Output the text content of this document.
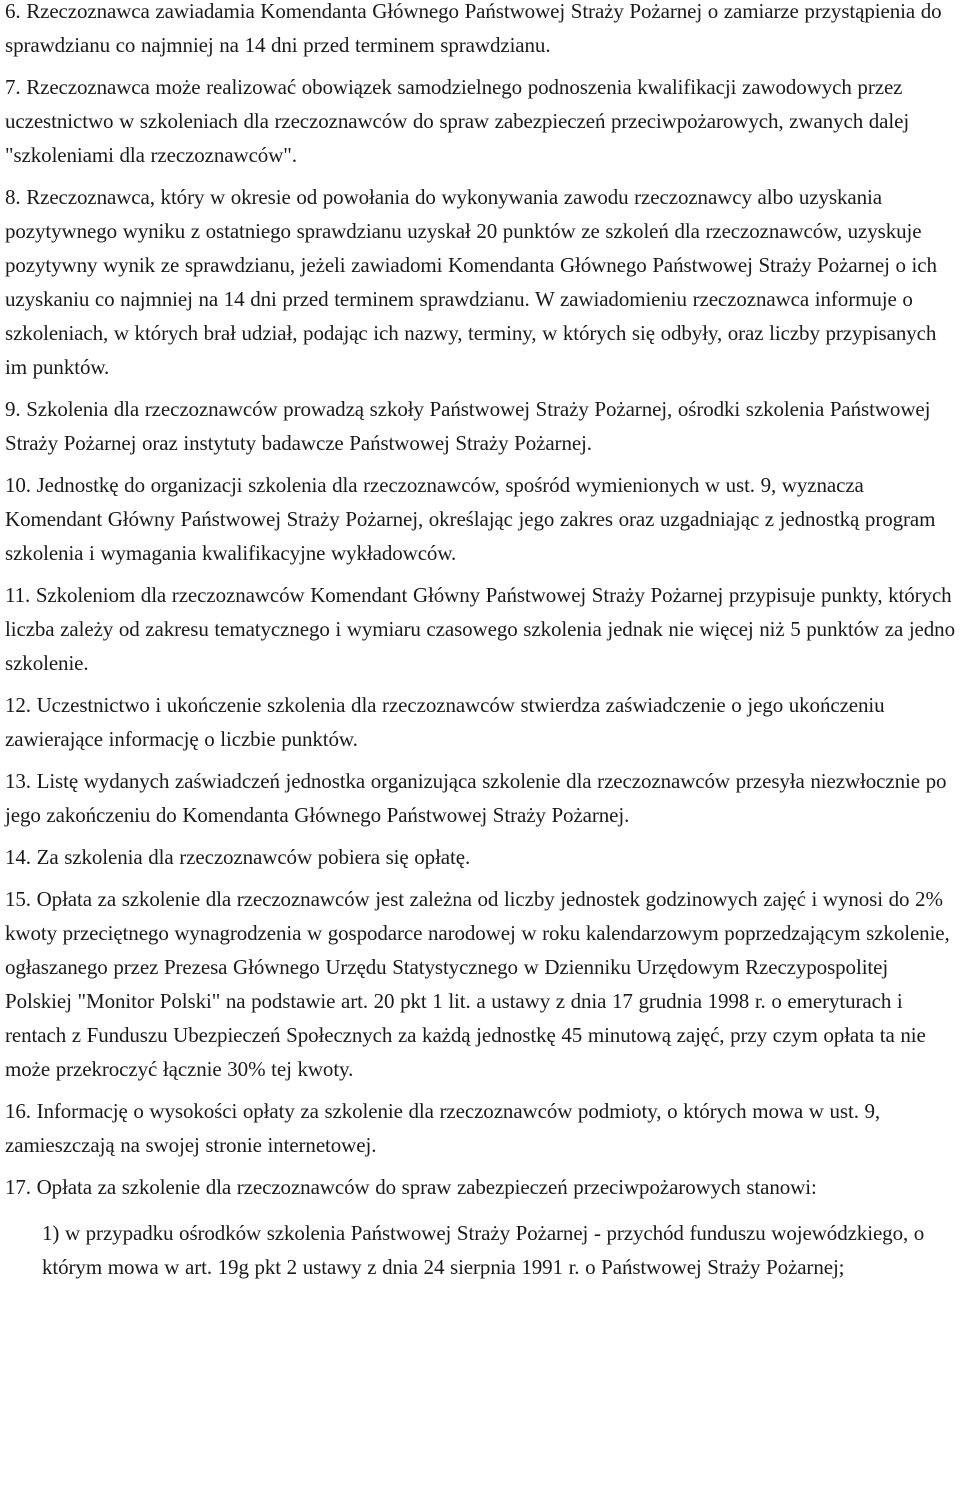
6. Rzeczoznawca zawiadamia Komendanta Głównego Państwowej Straży Pożarnej o zamiarze przystąpienia do sprawdzianu co najmniej na 14 dni przed terminem sprawdzianu.

7. Rzeczoznawca może realizować obowiązek samodzielnego podnoszenia kwalifikacji zawodowych przez uczestnictwo w szkoleniach dla rzeczoznawców do spraw zabezpieczeń przeciwpożarowych, zwanych dalej "szkoleniami dla rzeczoznawców".

8. Rzeczoznawca, który w okresie od powołania do wykonywania zawodu rzeczoznawcy albo uzyskania pozytywnego wyniku z ostatniego sprawdzianu uzyskał 20 punktów ze szkoleń dla rzeczoznawców, uzyskuje pozytywny wynik ze sprawdzianu, jeżeli zawiadomi Komendanta Głównego Państwowej Straży Pożarnej o ich uzyskaniu co najmniej na 14 dni przed terminem sprawdzianu. W zawiadomieniu rzeczoznawca informuje o szkoleniach, w których brał udział, podając ich nazwy, terminy, w których się odbyły, oraz liczby przypisanych im punktów.

9. Szkolenia dla rzeczoznawców prowadzą szkoły Państwowej Straży Pożarnej, ośrodki szkolenia Państwowej Straży Pożarnej oraz instytuty badawcze Państwowej Straży Pożarnej.

10. Jednostkę do organizacji szkolenia dla rzeczoznawców, spośród wymienionych w ust. 9, wyznacza Komendant Główny Państwowej Straży Pożarnej, określając jego zakres oraz uzgadniając z jednostką program szkolenia i wymagania kwalifikacyjne wykładowców.

11. Szkoleniom dla rzeczoznawców Komendant Główny Państwowej Straży Pożarnej przypisuje punkty, których liczba zależy od zakresu tematycznego i wymiaru czasowego szkolenia jednak nie więcej niż 5 punktów za jedno szkolenie.

12. Uczestnictwo i ukończenie szkolenia dla rzeczoznawców stwierdza zaświadczenie o jego ukończeniu zawierające informację o liczbie punktów.

13. Listę wydanych zaświadczeń jednostka organizująca szkolenie dla rzeczoznawców przesyła niezwłocznie po jego zakończeniu do Komendanta Głównego Państwowej Straży Pożarnej.

14. Za szkolenia dla rzeczoznawców pobiera się opłatę.

15. Opłata za szkolenie dla rzeczoznawców jest zależna od liczby jednostek godzinowych zajęć i wynosi do 2% kwoty przeciętnego wynagrodzenia w gospodarce narodowej w roku kalendarzowym poprzedzającym szkolenie, ogłaszanego przez Prezesa Głównego Urzędu Statystycznego w Dzienniku Urzędowym Rzeczypospolitej Polskiej "Monitor Polski" na podstawie art. 20 pkt 1 lit. a ustawy z dnia 17 grudnia 1998 r. o emeryturach i rentach z Funduszu Ubezpieczeń Społecznych za każdą jednostkę 45 minutową zajęć, przy czym opłata ta nie może przekroczyć łącznie 30% tej kwoty.

16. Informację o wysokości opłaty za szkolenie dla rzeczoznawców podmioty, o których mowa w ust. 9, zamieszczają na swojej stronie internetowej.

17. Opłata za szkolenie dla rzeczoznawców do spraw zabezpieczeń przeciwpożarowych stanowi:

1) w przypadku ośrodków szkolenia Państwowej Straży Pożarnej - przychód funduszu wojewódzkiego, o którym mowa w art. 19g pkt 2 ustawy z dnia 24 sierpnia 1991 r. o Państwowej Straży Pożarnej;
